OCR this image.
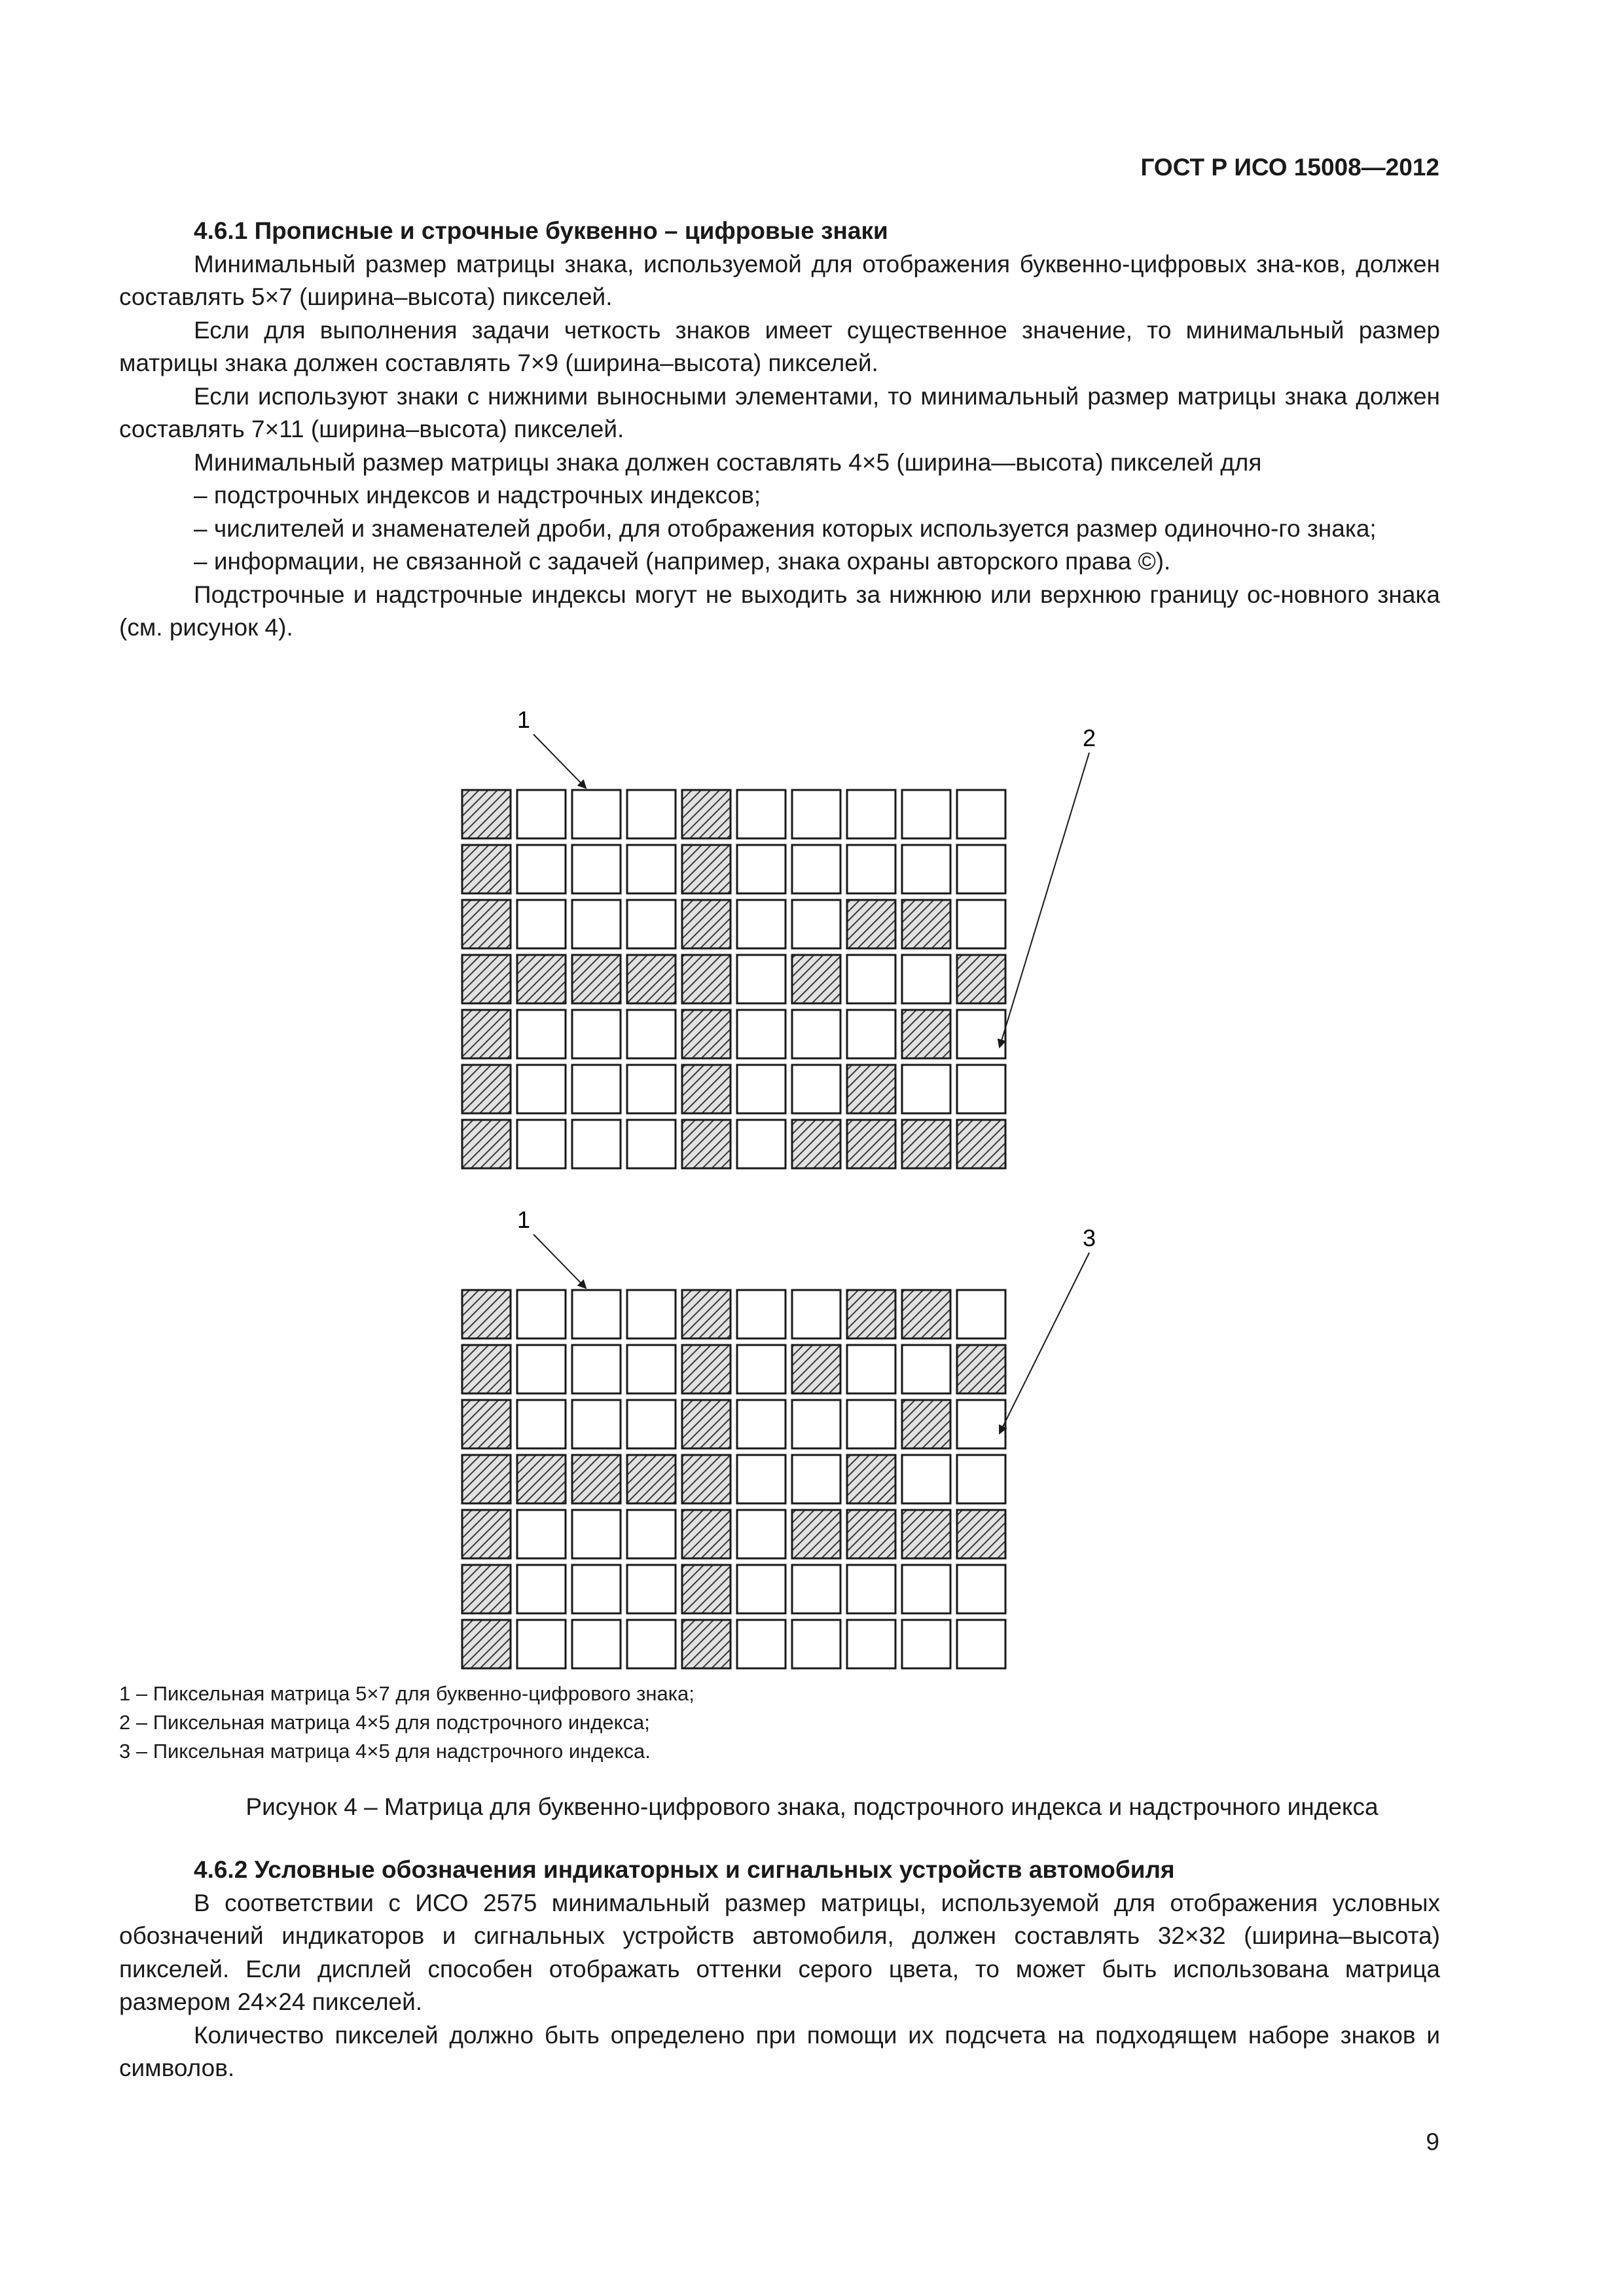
ГОСТ Р ИСО 15008—2012

4.6.1 Прописные и строчные буквенно – цифровые знаки

Минимальный размер матрицы знака, используемой для отображения буквенно-цифровых зна-ков, должен составлять 5×7 (ширина–высота) пикселей.

Если для выполнения задачи четкость знаков имеет существенное значение, то минимальный размер матрицы знака должен составлять 7×9 (ширина–высота) пикселей.

Если используют знаки с нижними выносными элементами, то минимальный размер матрицы знака должен составлять 7×11 (ширина–высота) пикселей.

Минимальный размер матрицы знака должен составлять 4×5 (ширина—высота) пикселей для

– подстрочных индексов и надстрочных индексов;

– числителей и знаменателей дроби, для отображения которых используется размер одиночно-го знака;

– информации, не связанной с задачей (например, знака охраны авторского права ©).

Подстрочные и надстрочные индексы могут не выходить за нижнюю или верхнюю границу ос-новного знака (см. рисунок 4).

1
2
1
3
1 – Пиксельная матрица 5×7 для буквенно-цифрового знака;
2 – Пиксельная матрица 4×5 для подстрочного индекса;
3 – Пиксельная матрица 4×5 для надстрочного индекса.
Рисунок 4 – Матрица для буквенно-цифрового знака, подстрочного индекса и надстрочного индекса

4.6.2 Условные обозначения индикаторных и сигнальных устройств автомобиля

В соответствии с ИСО 2575 минимальный размер матрицы, используемой для отображения условных обозначений индикаторов и сигнальных устройств автомобиля, должен составлять 32×32 (ширина–высота) пикселей. Если дисплей способен отображать оттенки серого цвета, то может быть использована матрица размером 24×24 пикселей.

Количество пикселей должно быть определено при помощи их подсчета на подходящем наборе знаков и символов.

9
